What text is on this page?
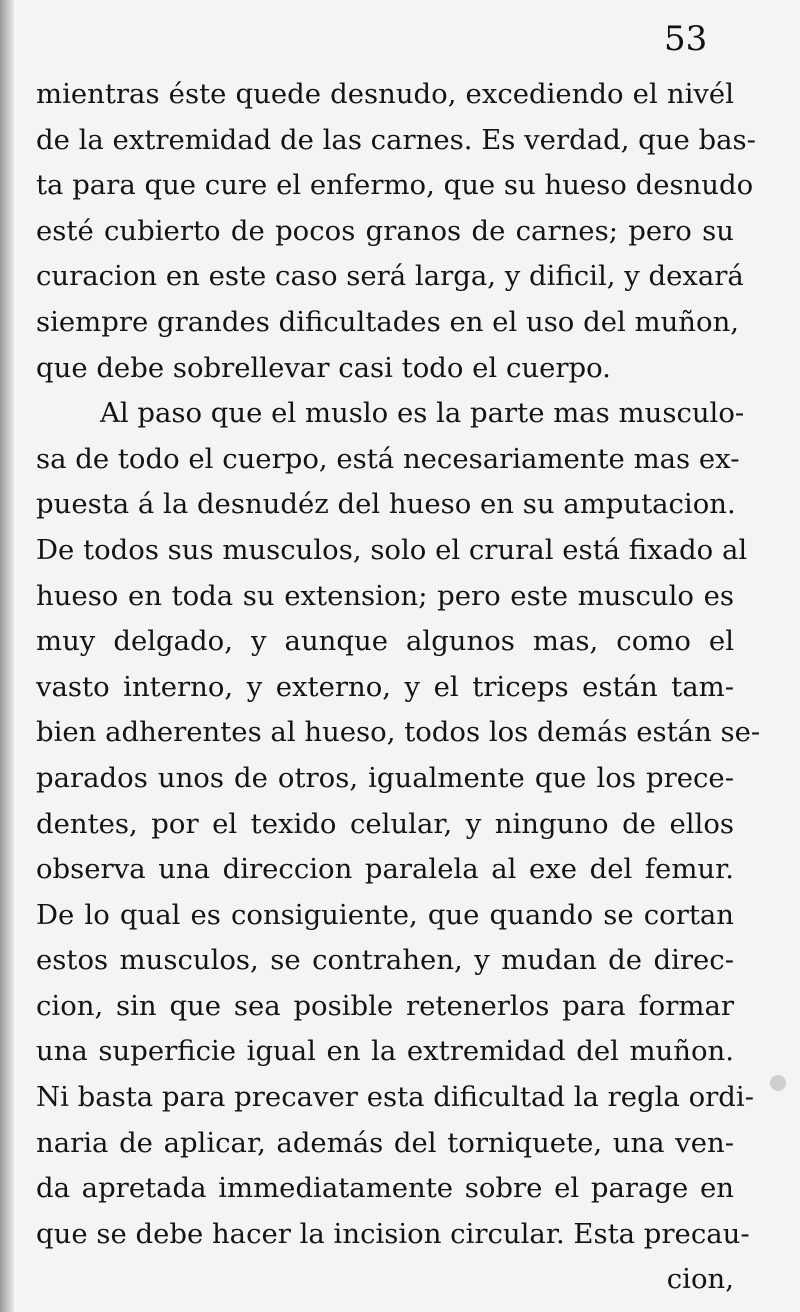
53
mientras éste quede desnudo, excediendo el nivél
de la extremidad de las carnes. Es verdad, que bas-
ta para que cure el enfermo, que su hueso desnudo
esté cubierto de pocos granos de carnes; pero su
curacion en este caso será larga, y dificil, y dexará
siempre grandes dificultades en el uso del muñon,
que debe sobrellevar casi todo el cuerpo.
Al paso que el muslo es la parte mas musculo-
sa de todo el cuerpo, está necesariamente mas ex-
puesta á la desnudéz del hueso en su amputacion.
De todos sus musculos, solo el crural está fixado al
hueso en toda su extension; pero este musculo es
muy delgado, y aunque algunos mas, como el
vasto interno, y externo, y el triceps están tam-
bien adherentes al hueso, todos los demás están se-
parados unos de otros, igualmente que los prece-
dentes, por el texido celular, y ninguno de ellos
observa una direccion paralela al exe del femur.
De lo qual es consiguiente, que quando se cortan
estos musculos, se contrahen, y mudan de direc-
cion, sin que sea posible retenerlos para formar
una superficie igual en la extremidad del muñon.
Ni basta para precaver esta dificultad la regla ordi-
naria de aplicar, además del torniquete, una ven-
da apretada immediatamente sobre el parage en
que se debe hacer la incision circular. Esta precau-
cion,
